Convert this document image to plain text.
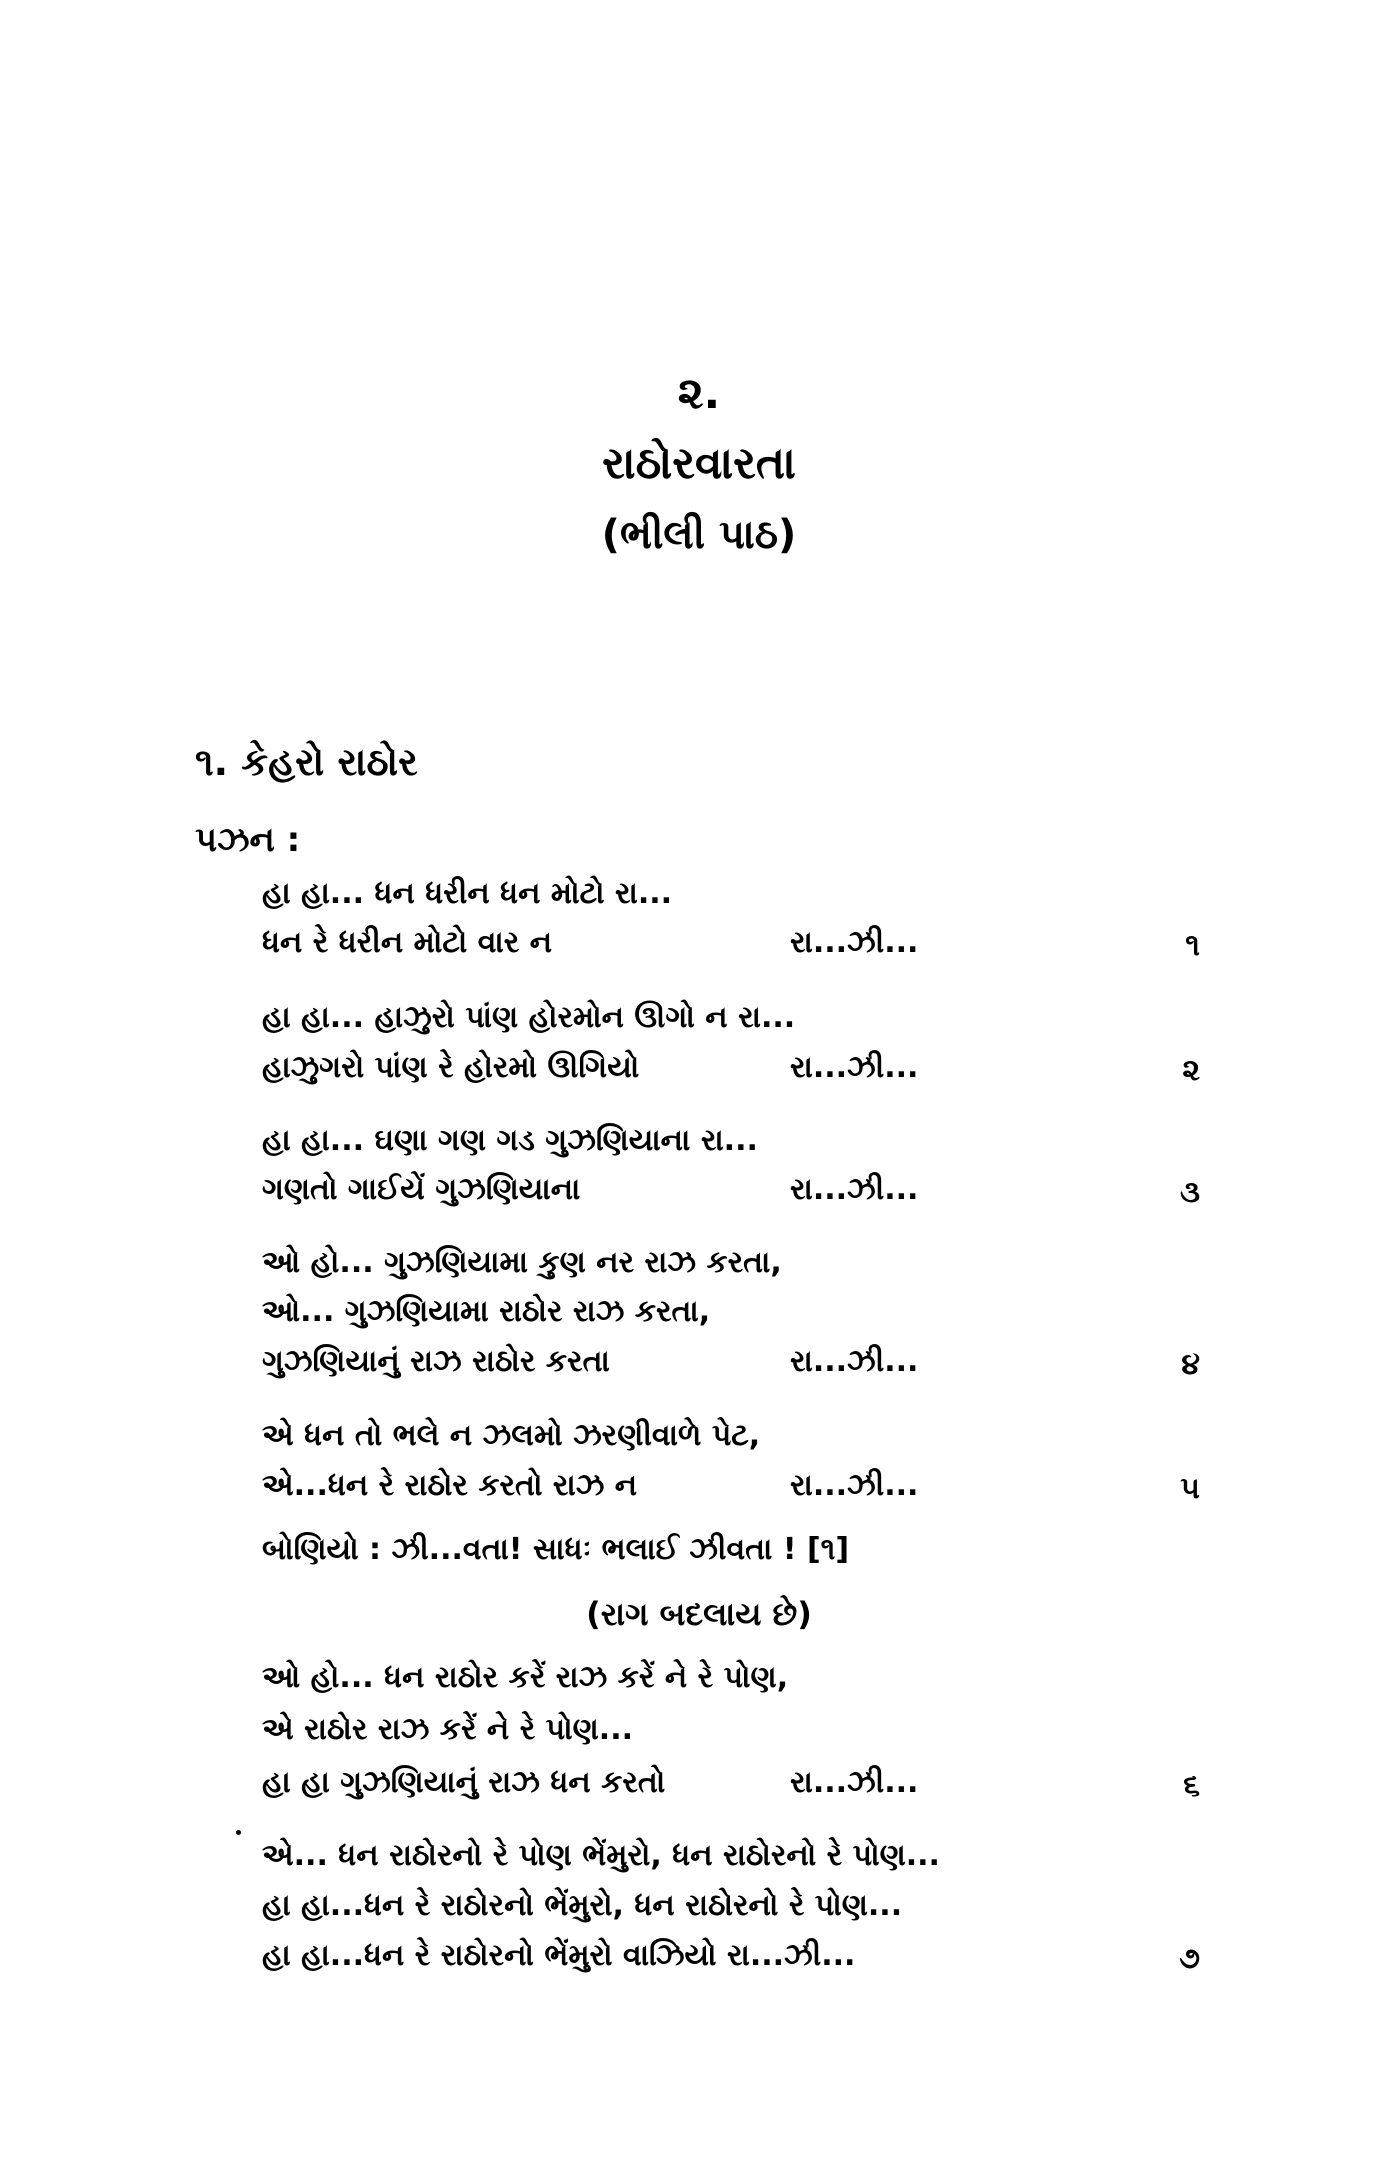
૨.
રાઠોરવારતા
(ભીલી પાઠ)
૧. કેહરો રાઠોર
પઝન :
હા હા... ધન ધરીન ધન મોટો રા...
ધન રે ધરીન મોટો વાર ન	રા...ઝી...	૧
હા હા... હાઝુરો પાંણ હોરમોન ઊગો ન રા...
હાઝુગરો પાંણ રે હોરમો ઊગિયો	રા...ઝી...	૨
હા હા... ઘણા ગણ ગડ ગુઝણિયાના રા...
ગણતો ગાઈયેં ગુઝણિયાના	રા...ઝી...	૩
ઓ હો... ગુઝણિયામા કુણ નર રાઝ કરતા,
ઓ... ગુઝણિયામા રાઠોર રાઝ કરતા,
ગુઝણિયાનું રાઝ રાઠોર કરતા	રા...ઝી...	૪
એ ધન તો ભલે ન ઝલમો ઝરણીવાળે પેટ,
એ...ધન રે રાઠોર કરતો રાઝ ન	રા...ઝી...	૫
બોણિયો : ઝી...વતા! સાધઃ ભલાઈ ઝીવતા ! [૧]
(રાગ બદલાય છે)
ઓ હો... ધન રાઠોર કરેં રાઝ કરેં ને રે પોણ,
એ રાઠોર રાઝ કરેં ને રે પોણ...
હા હા ગુઝણિયાનું રાઝ ધન કરતો	રા...ઝી...	૬
એ... ધન રાઠોરનો રે પોણ ભેંમુરો, ધન રાઠોરનો રે પોણ...
હા હા...ધન રે રાઠોરનો ભેંમુરો, ધન રાઠોરનો રે પોણ...
હા હા...ધન રે રાઠોરનો ભેંમુરો વાઝિયો રા...ઝી...	૭
